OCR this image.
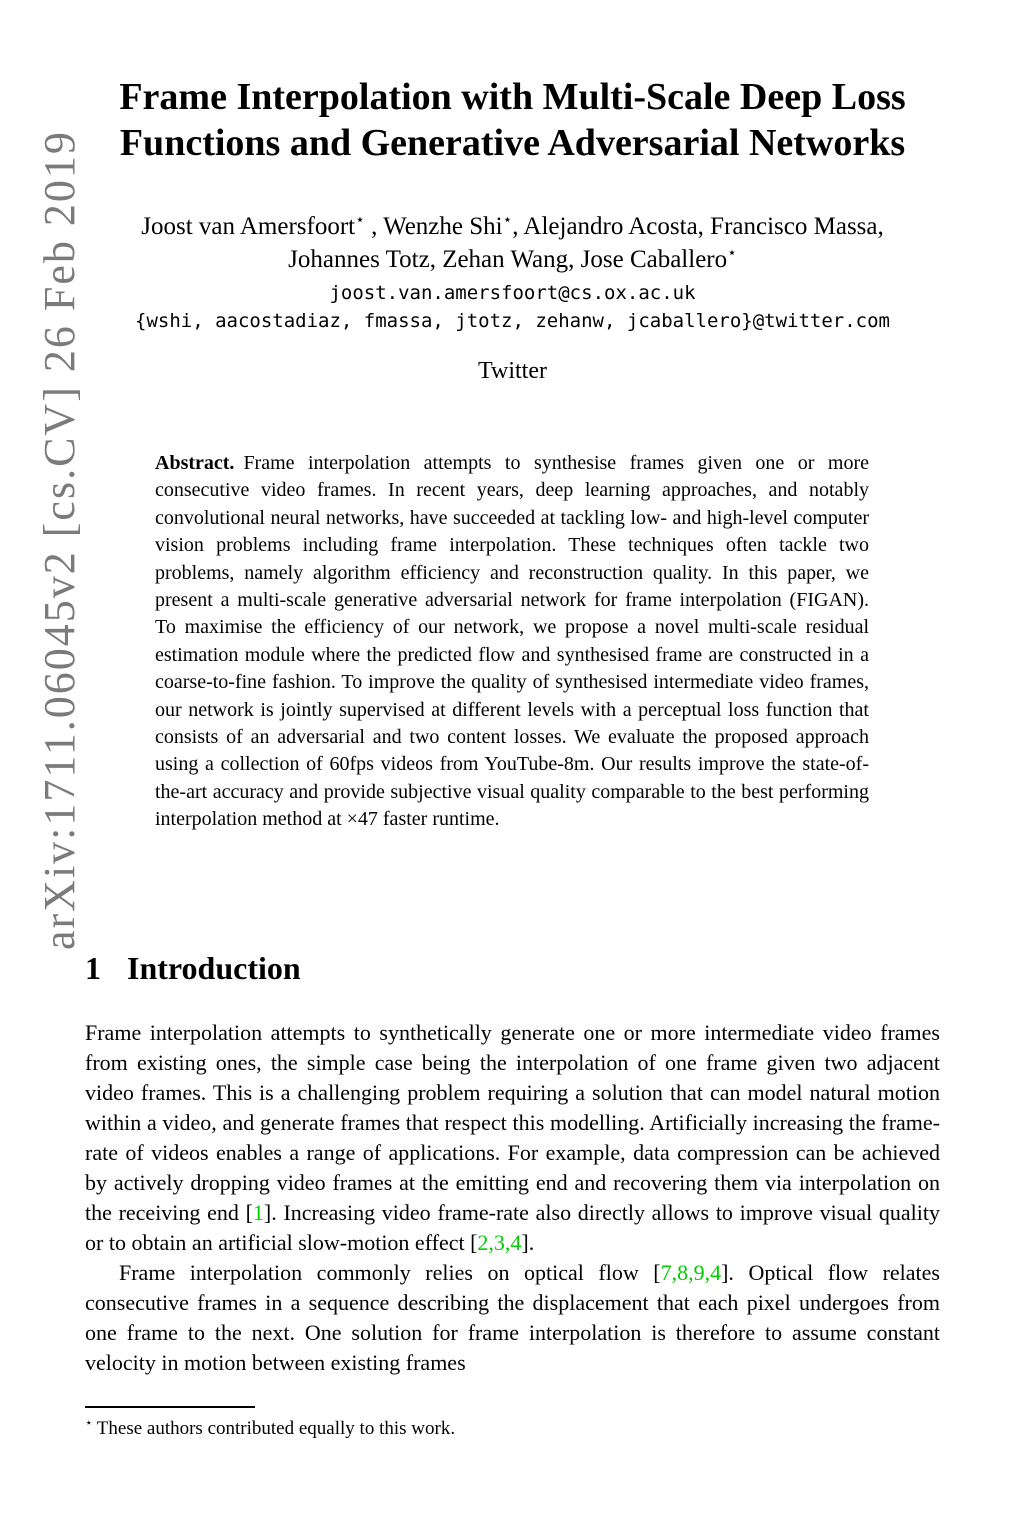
arXiv:1711.06045v2 [cs.CV] 26 Feb 2019
Frame Interpolation with Multi-Scale Deep Loss
Functions and Generative Adversarial Networks
Joost van Amersfoort⋆ , Wenzhe Shi⋆, Alejandro Acosta, Francisco Massa,
Johannes Totz, Zehan Wang, Jose Caballero⋆
joost.van.amersfoort@cs.ox.ac.uk
{wshi, aacostadiaz, fmassa, jtotz, zehanw, jcaballero}@twitter.com
Twitter
Abstract. Frame interpolation attempts to synthesise frames given one or more consecutive video frames. In recent years, deep learning approaches, and notably convolutional neural networks, have succeeded at tackling low- and high-level computer vision problems including frame interpolation. These techniques often tackle two problems, namely algorithm efficiency and reconstruction quality. In this paper, we present a multi-scale generative adversarial network for frame interpolation (FIGAN). To maximise the efficiency of our network, we propose a novel multi-scale residual estimation module where the predicted flow and synthesised frame are constructed in a coarse-to-fine fashion. To improve the quality of synthesised intermediate video frames, our network is jointly supervised at different levels with a perceptual loss function that consists of an adversarial and two content losses. We evaluate the proposed approach using a collection of 60fps videos from YouTube-8m. Our results improve the state-of-the-art accuracy and provide subjective visual quality comparable to the best performing interpolation method at ×47 faster runtime.
1 Introduction

Frame interpolation attempts to synthetically generate one or more intermediate video frames from existing ones, the simple case being the interpolation of one frame given two adjacent video frames. This is a challenging problem requiring a solution that can model natural motion within a video, and generate frames that respect this modelling. Artificially increasing the frame-rate of videos enables a range of applications. For example, data compression can be achieved by actively dropping video frames at the emitting end and recovering them via interpolation on the receiving end [1]. Increasing video frame-rate also directly allows to improve visual quality or to obtain an artificial slow-motion effect [2,3,4].

Frame interpolation commonly relies on optical flow [7,8,9,4]. Optical flow relates consecutive frames in a sequence describing the displacement that each pixel undergoes from one frame to the next. One solution for frame interpolation is therefore to assume constant velocity in motion between existing frames

⋆ These authors contributed equally to this work.
